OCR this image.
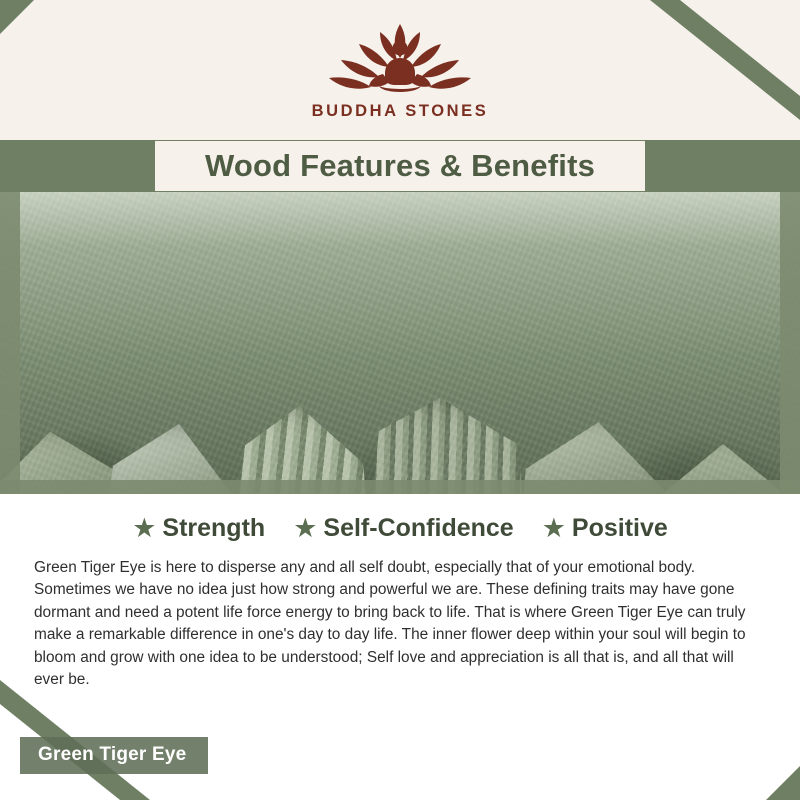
BUDDHA STONES
Wood Features & Benefits
Green Tiger Eye
★ Strength ★ Self-Confidence ★ Positive

Green Tiger Eye is here to disperse any and all self doubt, especially that of your emotional body. Sometimes we have no idea just how strong and powerful we are. These defining traits may have gone dormant and need a potent life force energy to bring back to life. That is where Green Tiger Eye can truly make a remarkable difference in one's day to day life. The inner flower deep within your soul will begin to bloom and grow with one idea to be understood; Self love and appreciation is all that is, and all that will ever be.
